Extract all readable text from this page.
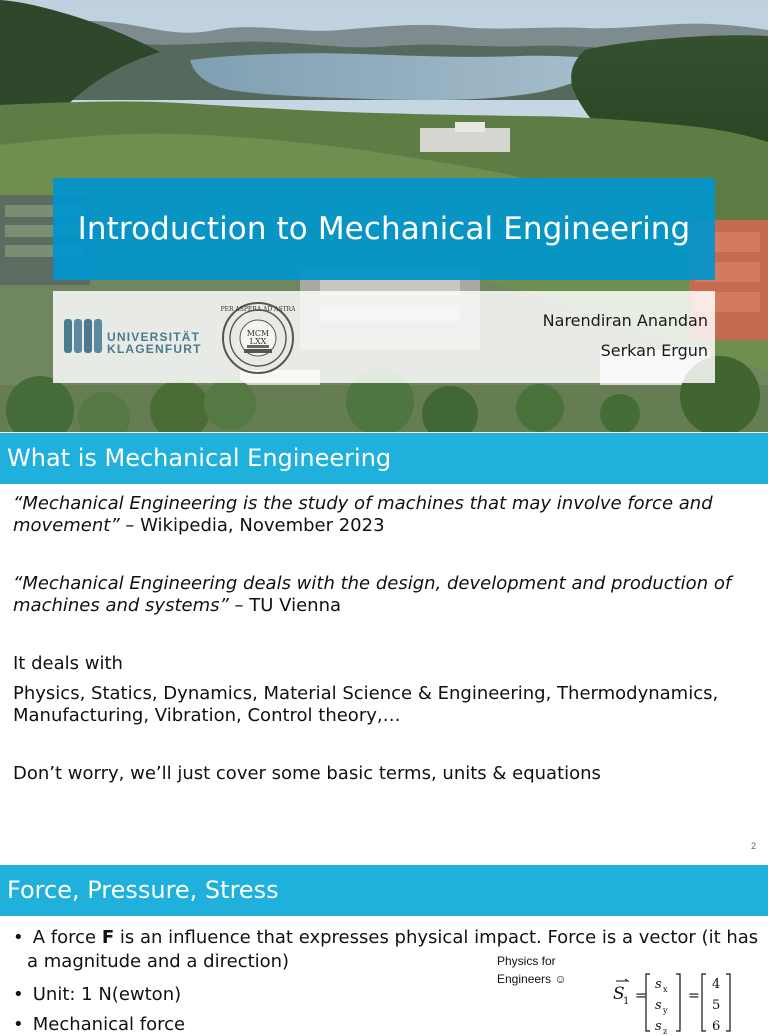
Introduction to Mechanical Engineering
UNIVERSITÄT
KLAGENFURT
MCM
LXX
PER ASPERA AD ASTRA
Narendiran Anandan
Serkan Ergun
What is Mechanical Engineering
“Mechanical Engineering is the study of machines that may involve force and movement” – Wikipedia, November 2023
“Mechanical Engineering deals with the design, development and production of machines and systems” – TU Vienna
It deals with
Physics, Statics, Dynamics, Material Science & Engineering, Thermodynamics, Manufacturing, Vibration, Control theory,…
Don’t worry, we’ll just cover some basic terms, units & equations
2
Force, Pressure, Stress
• A force F is an influence that expresses physical impact. Force is a vector (it has
a magnitude and a direction)
• Unit: 1 N(ewton)
• Mechanical force
Physics for
Engineers ☺
S
1 =
s x
s y
s z
=
4
5
6
